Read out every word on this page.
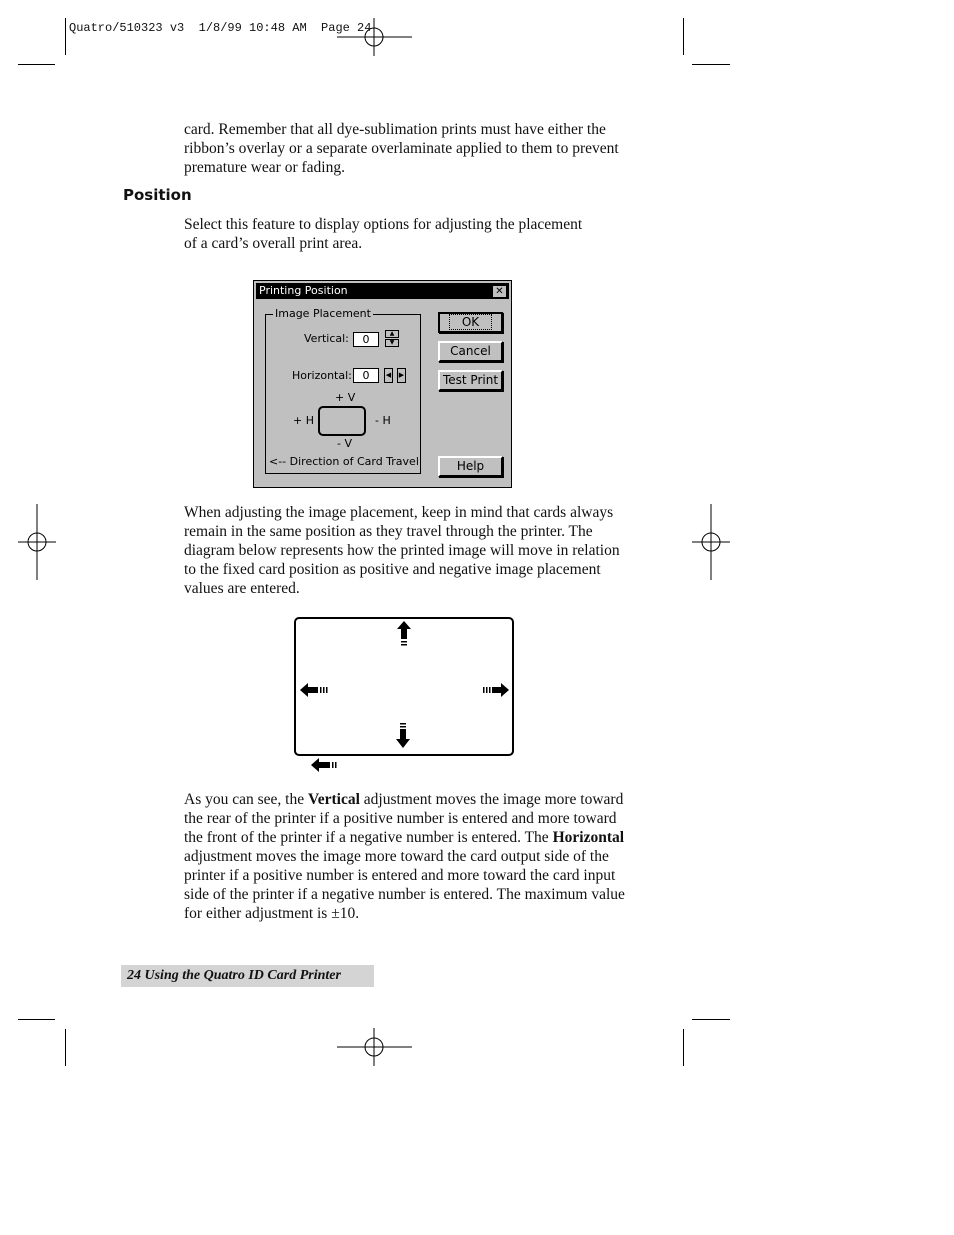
Quatro/510323 v3  1/8/99 10:48 AM  Page 24
card. Remember that all dye-sublimation prints must have either the ribbon’s overlay or a separate overlaminate applied to them to prevent premature wear or fading.
Position
Select this feature to display options for adjusting the placement of a card’s overall print area.
Printing Position	✕
Image Placement
Vertical:	0	▲
▼
Horizontal: 0	◀ ▶
+ V
+ H	- H
- V
<-- Direction of Card Travel
OK
Cancel
Test Print
Help
When adjusting the image placement, keep in mind that cards always remain in the same position as they travel through the printer. The diagram below represents how the printed image will move in relation to the fixed card position as positive and negative image placement values are entered.
As you can see, the Vertical adjustment moves the image more toward the rear of the printer if a positive number is entered and more toward the front of the printer if a negative number is entered. The Horizontal adjustment moves the image more toward the card output side of the printer if a positive number is entered and more toward the card input side of the printer if a negative number is entered. The maximum value for either adjustment is ±10.
24 Using the Quatro ID Card Printer
